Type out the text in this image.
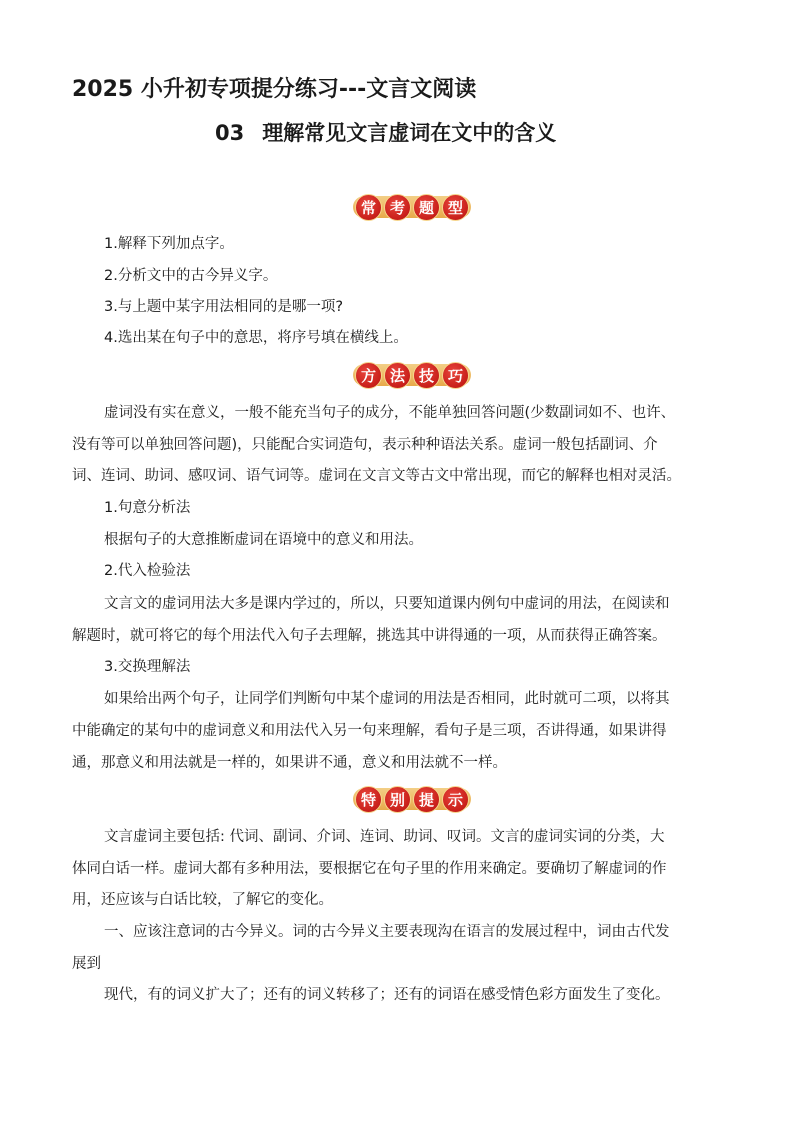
2025 小升初专项提分练习---文言文阅读
03 理解常见文言虚词在文中的含义
常 考 题 型
1.解释下列加点字。
2.分析文中的古今异义字。
3.与上题中某字用法相同的是哪一项?
4.选出某在句子中的意思，将序号填在横线上。
方 法 技 巧
虚词没有实在意义，一般不能充当句子的成分，不能单独回答问题(少数副词如不、也许、
没有等可以单独回答问题)，只能配合实词造句，表示种种语法关系。虚词一般包括副词、介
词、连词、助词、感叹词、语气词等。虚词在文言文等古文中常出现，而它的解释也相对灵活。
1.句意分析法
根据句子的大意推断虚词在语境中的意义和用法。
2.代入检验法
文言文的虚词用法大多是课内学过的，所以，只要知道课内例句中虚词的用法，在阅读和
解题时，就可将它的每个用法代入句子去理解，挑选其中讲得通的一项，从而获得正确答案。
3.交换理解法
如果给出两个句子，让同学们判断句中某个虚词的用法是否相同，此时就可二项，以将其
中能确定的某句中的虚词意义和用法代入另一句来理解，看句子是三项，否讲得通，如果讲得
通，那意义和用法就是一样的，如果讲不通，意义和用法就不一样。
特 别 提 示
文言虚词主要包括: 代词、副词、介词、连词、助词、叹词。文言的虚词实词的分类，大
体同白话一样。虚词大都有多种用法，要根据它在句子里的作用来确定。要确切了解虚词的作
用，还应该与白话比较，了解它的变化。
一、应该注意词的古今异义。词的古今异义主要表现沟在语言的发展过程中，词由古代发
展到
现代，有的词义扩大了；还有的词义转移了；还有的词语在感受情色彩方面发生了变化。
